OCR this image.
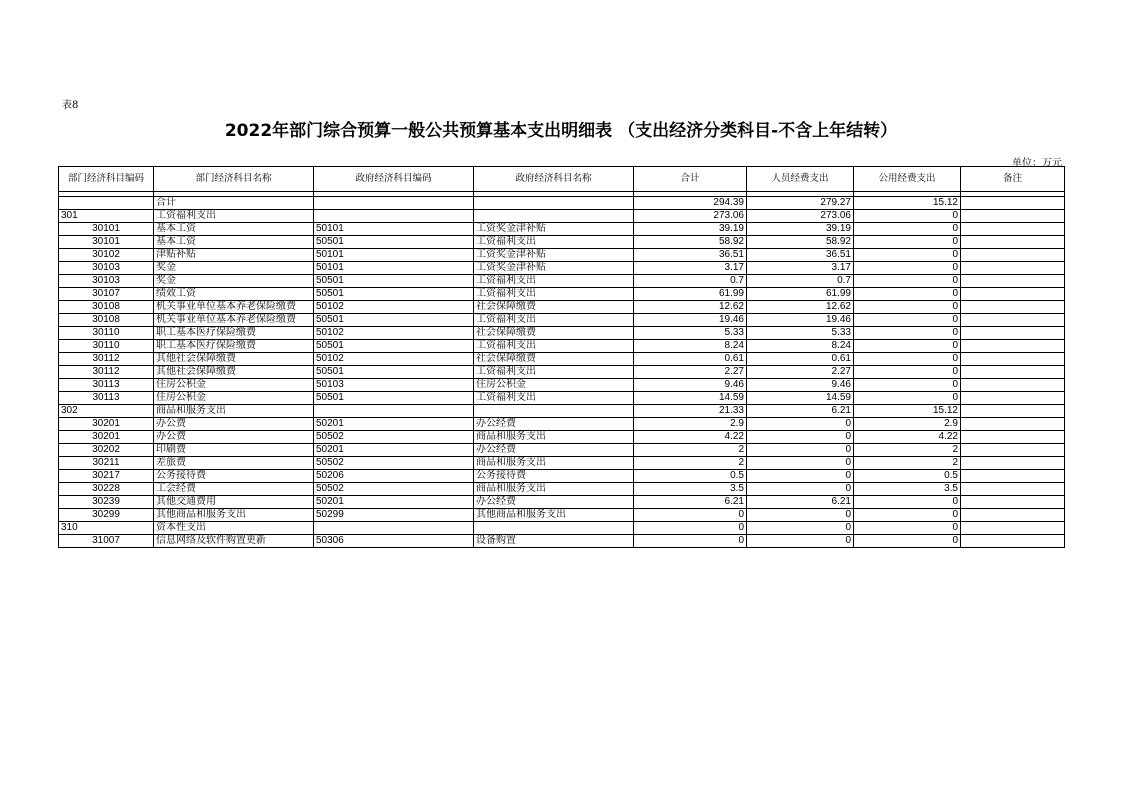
表8
2022年部门综合预算一般公共预算基本支出明细表 （支出经济分类科目-不含上年结转）
单位：万元
部门经济科目编码	部门经济科目名称	政府经济科目编码	政府经济科目名称	合计	人员经费支出	公用经费支出	备注

	合计			294.39	279.27	15.12	
301	工资福利支出			273.06	273.06	0	
30101	基本工资	50101	工资奖金津补贴	39.19	39.19	0	
30101	基本工资	50501	工资福利支出	58.92	58.92	0	
30102	津贴补贴	50101	工资奖金津补贴	36.51	36.51	0	
30103	奖金	50101	工资奖金津补贴	3.17	3.17	0	
30103	奖金	50501	工资福利支出	0.7	0.7	0	
30107	绩效工资	50501	工资福利支出	61.99	61.99	0	
30108	机关事业单位基本养老保险缴费	50102	社会保障缴费	12.62	12.62	0	
30108	机关事业单位基本养老保险缴费	50501	工资福利支出	19.46	19.46	0	
30110	职工基本医疗保险缴费	50102	社会保障缴费	5.33	5.33	0	
30110	职工基本医疗保险缴费	50501	工资福利支出	8.24	8.24	0	
30112	其他社会保障缴费	50102	社会保障缴费	0.61	0.61	0	
30112	其他社会保障缴费	50501	工资福利支出	2.27	2.27	0	
30113	住房公积金	50103	住房公积金	9.46	9.46	0	
30113	住房公积金	50501	工资福利支出	14.59	14.59	0	
302	商品和服务支出			21.33	6.21	15.12	
30201	办公费	50201	办公经费	2.9	0	2.9	
30201	办公费	50502	商品和服务支出	4.22	0	4.22	
30202	印刷费	50201	办公经费	2	0	2	
30211	差旅费	50502	商品和服务支出	2	0	2	
30217	公务接待费	50206	公务接待费	0.5	0	0.5	
30228	工会经费	50502	商品和服务支出	3.5	0	3.5	
30239	其他交通费用	50201	办公经费	6.21	6.21	0	
30299	其他商品和服务支出	50299	其他商品和服务支出	0	0	0	
310	资本性支出			0	0	0	
31007	信息网络及软件购置更新	50306	设备购置	0	0	0	
